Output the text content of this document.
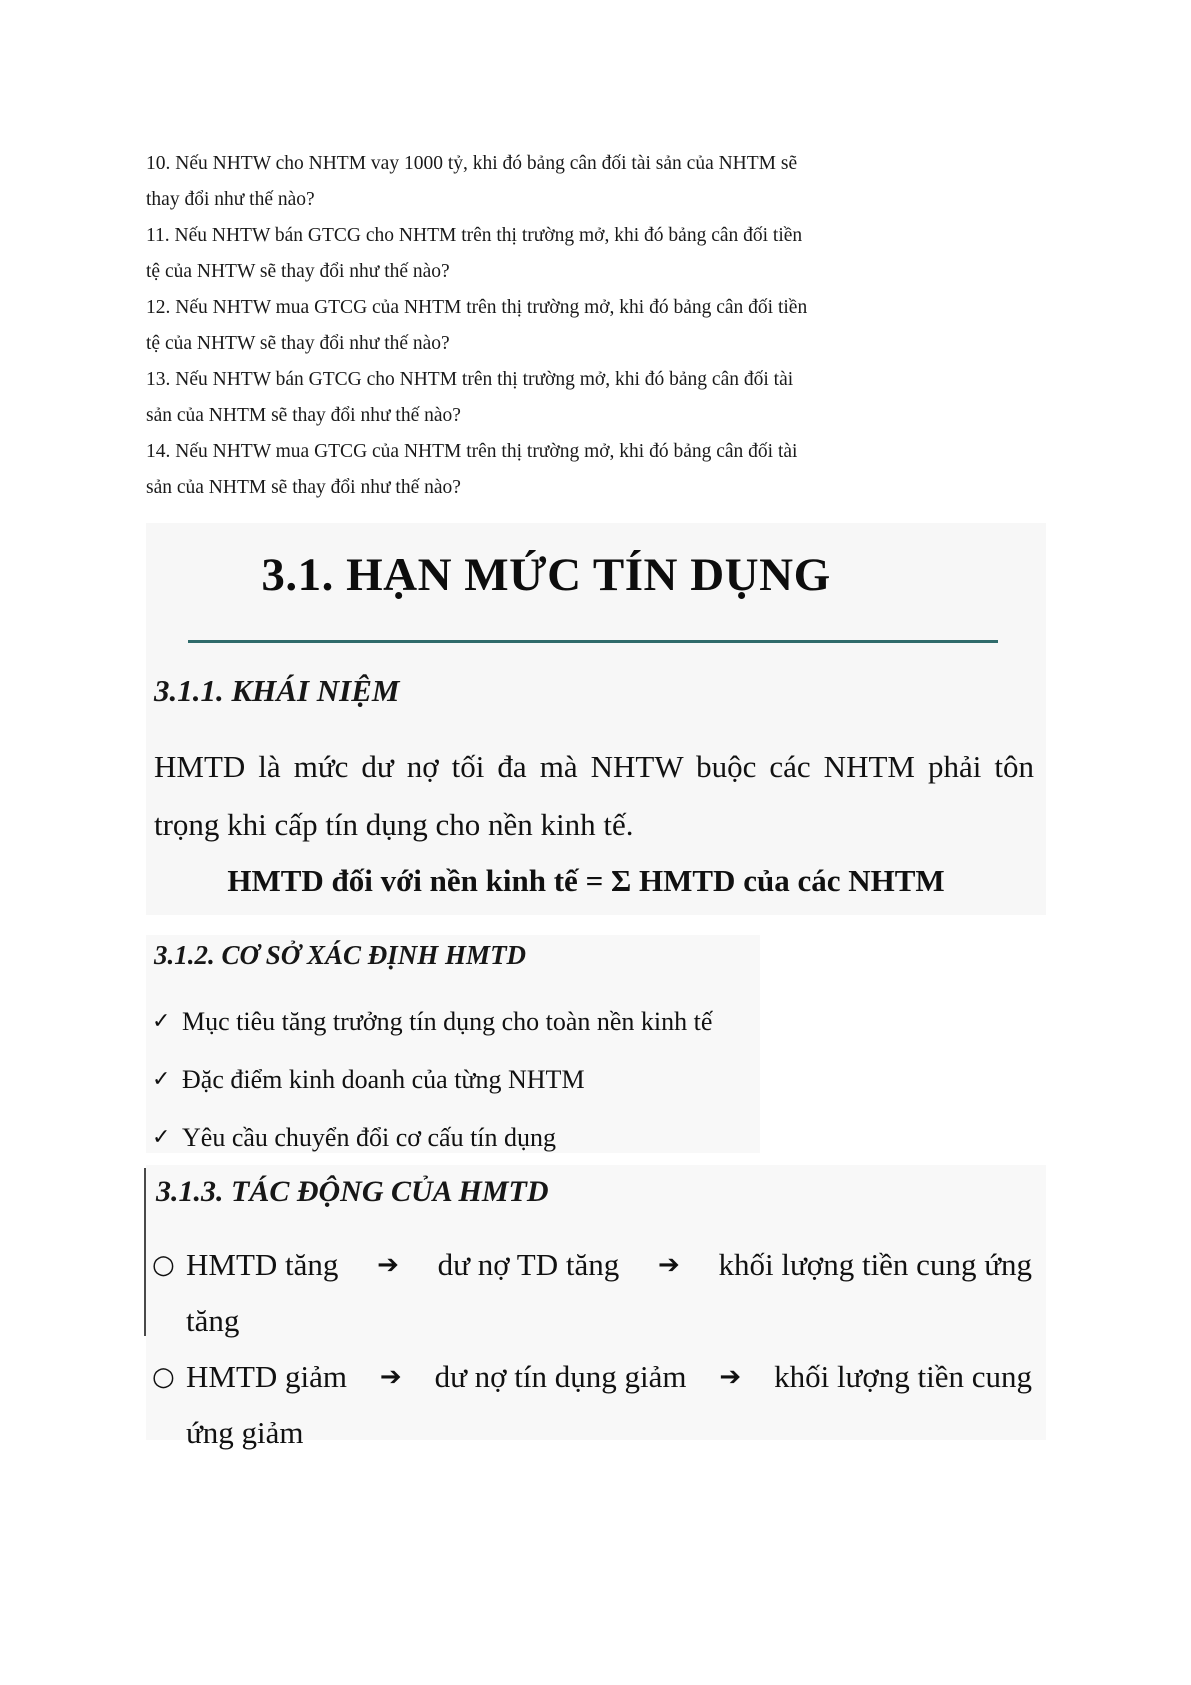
10. Nếu NHTW cho NHTM vay 1000 tỷ, khi đó bảng cân đối tài sản của NHTM sẽ

thay đổi như thế nào?

11. Nếu NHTW bán GTCG cho NHTM trên thị trường mở, khi đó bảng cân đối tiền

tệ của NHTW sẽ thay đổi như thế nào?

12. Nếu NHTW mua GTCG của NHTM trên thị trường mở, khi đó bảng cân đối tiền

tệ của NHTW sẽ thay đổi như thế nào?

13. Nếu NHTW bán GTCG cho NHTM trên thị trường mở, khi đó bảng cân đối tài

sản của NHTM sẽ thay đổi như thế nào?

14. Nếu NHTW mua GTCG của NHTM trên thị trường mở, khi đó bảng cân đối tài

sản của NHTM sẽ thay đổi như thế nào?

3.1. HẠN MỨC TÍN DỤNG
3.1.1. KHÁI NIỆM

HMTD là mức dư nợ tối đa mà NHTW buộc các NHTM phải tôn trọng khi cấp tín dụng cho nền kinh tế.

HMTD đối với nền kinh tế = Σ HMTD của các NHTM

3.1.2. CƠ SỞ XÁC ĐỊNH HMTD
✓ Mục tiêu tăng trưởng tín dụng cho toàn nền kinh tế
✓ Đặc điểm kinh doanh của từng NHTM
✓ Yêu cầu chuyển đổi cơ cấu tín dụng
3.1.3. TÁC ĐỘNG CỦA HMTD
○ HMTD tăng ➔ dư nợ TD tăng ➔ khối lượng tiền cung ứng
tăng
○ HMTD giảm ➔ dư nợ tín dụng giảm ➔ khối lượng tiền cung
ứng giảm
